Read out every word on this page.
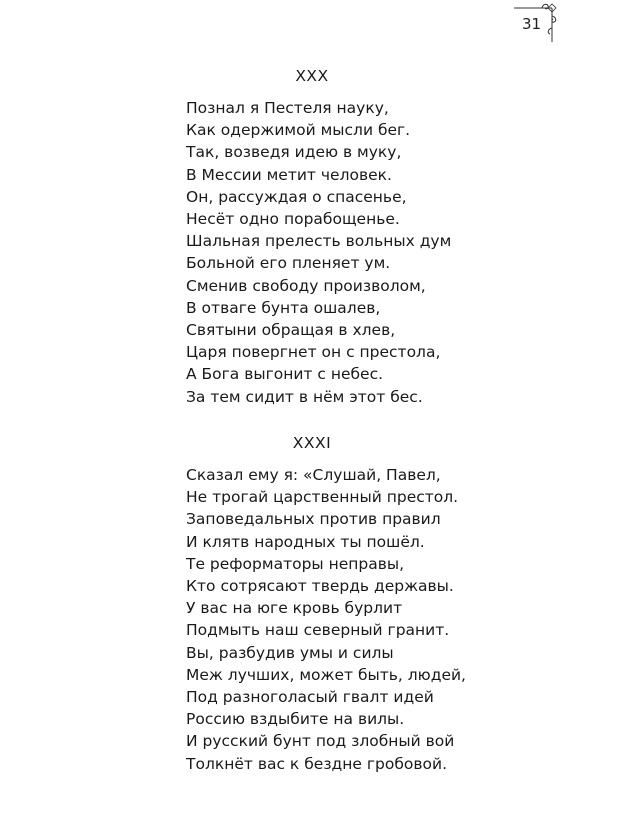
31
XXX
Познал я Пестеля науку,
Как одержимой мысли бег.
Так, возведя идею в муку,
В Мессии метит человек.
Он, рассуждая о спасенье,
Несёт одно порабощенье.
Шальная прелесть вольных дум
Больной его пленяет ум.
Сменив свободу произволом,
В отваге бунта ошалев,
Святыни обращая в хлев,
Царя повергнет он с престола,
А Бога выгонит с небес.
За тем сидит в нём этот бес.
XXXI
Сказал ему я: «Слушай, Павел,
Не трогай царственный престол.
Заповедальных против правил
И клятв народных ты пошёл.
Те реформаторы неправы,
Кто сотрясают твердь державы.
У вас на юге кровь бурлит
Подмыть наш северный гранит.
Вы, разбудив умы и силы
Меж лучших, может быть, людей,
Под разноголасый гвалт идей
Россию вздыбите на вилы.
И русский бунт под злобный вой
Толкнёт вас к бездне гробовой.
